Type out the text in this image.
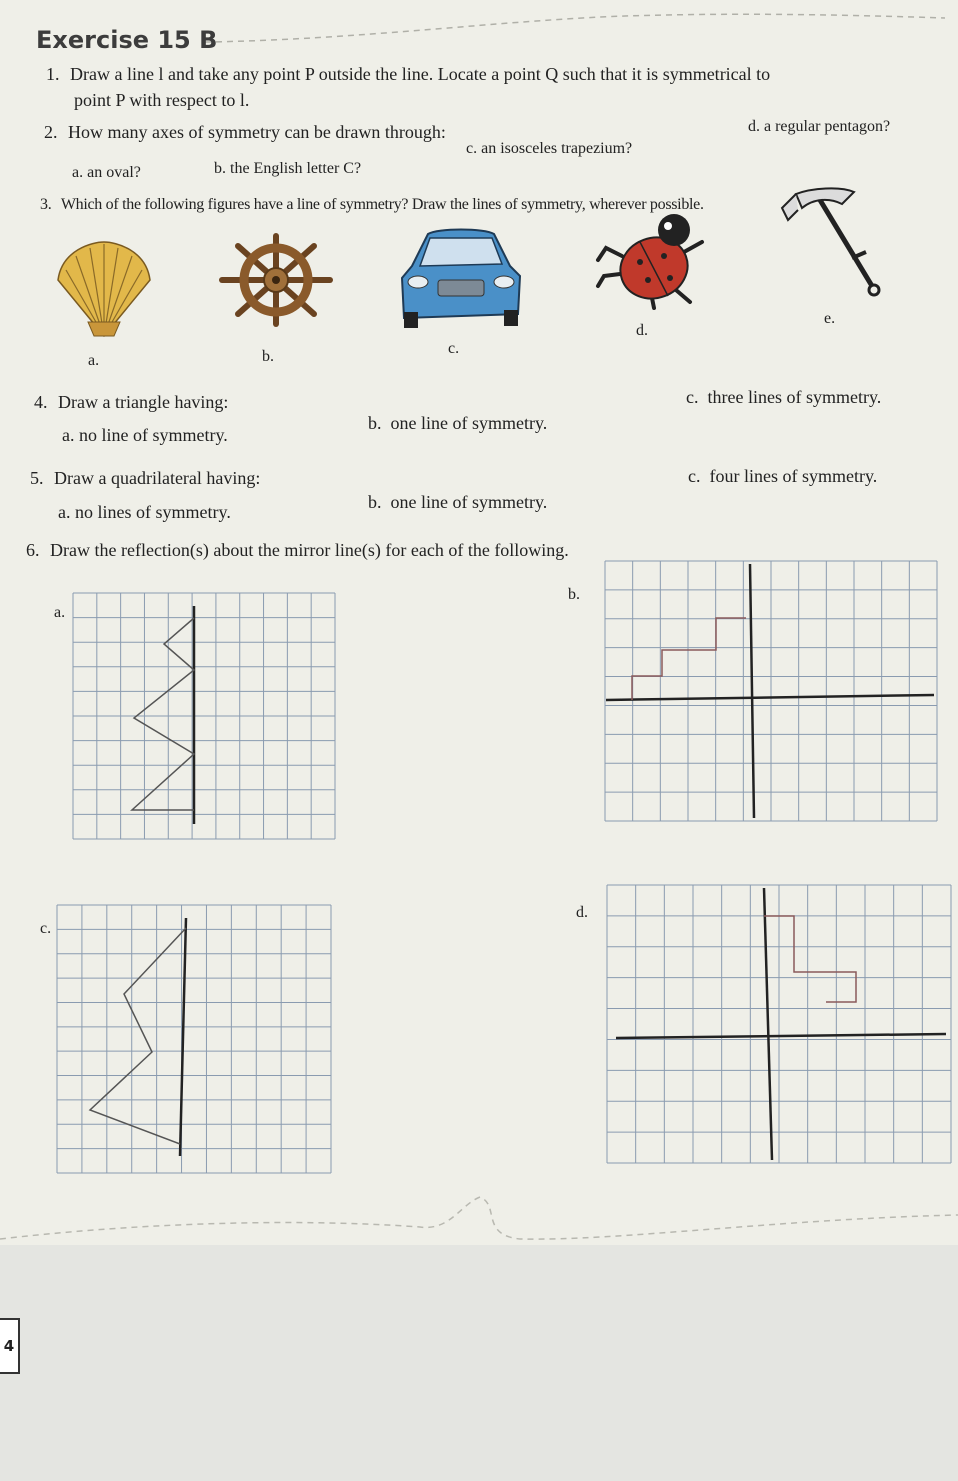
Exercise 15 B
1. Draw a line l and take any point P outside the line. Locate a point Q such that it is symmetrical to
point P with respect to l.
2. How many axes of symmetry can be drawn through:
a. an oval?	b. the English letter C?
c. an isosceles trapezium?
d. a regular pentagon?
3. Which of the following figures have a line of symmetry? Draw the lines of symmetry, wherever possible.
a.	b.	c.
d.
e.
4. Draw a triangle having:
a. no line of symmetry.
b. one line of symmetry.
c. three lines of symmetry.
5. Draw a quadrilateral having:
a. no lines of symmetry.	b. one line of symmetry.
c. four lines of symmetry.
6. Draw the reflection(s) about the mirror line(s) for each of the following.
a.
b.
c.
d.
4
